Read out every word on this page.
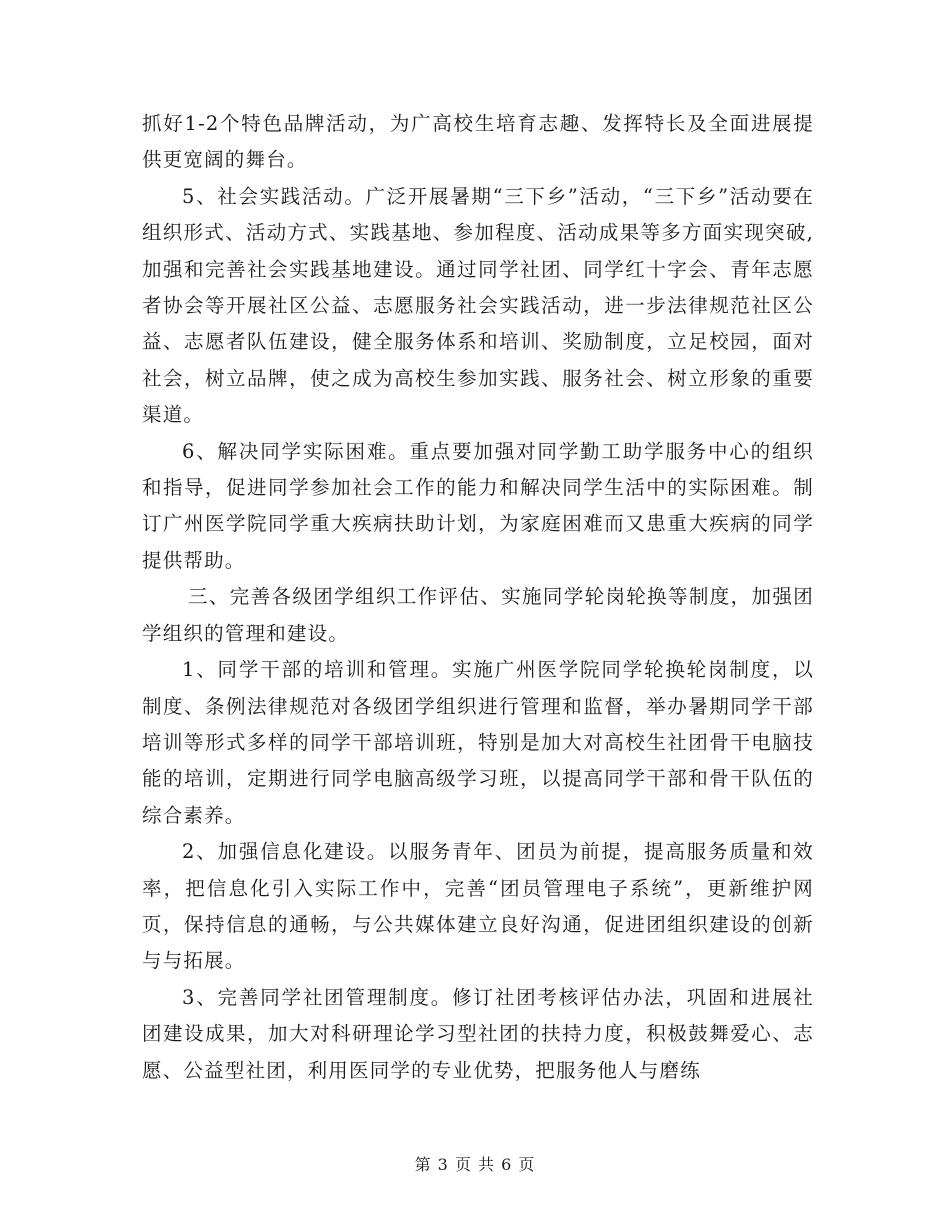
抓好1-2个特色品牌活动，为广高校生培育志趣、发挥特长及全面进展提供更宽阔的舞台。

5、社会实践活动。广泛开展暑期“三下乡”活动，“三下乡”活动要在组织形式、活动方式、实践基地、参加程度、活动成果等多方面实现突破,加强和完善社会实践基地建设。通过同学社团、同学红十字会、青年志愿者协会等开展社区公益、志愿服务社会实践活动，进一步法律规范社区公益、志愿者队伍建设，健全服务体系和培训、奖励制度，立足校园，面对社会，树立品牌，使之成为高校生参加实践、服务社会、树立形象的重要渠道。

6、解决同学实际困难。重点要加强对同学勤工助学服务中心的组织和指导，促进同学参加社会工作的能力和解决同学生活中的实际困难。制订广州医学院同学重大疾病扶助计划，为家庭困难而又患重大疾病的同学提供帮助。

三、完善各级团学组织工作评估、实施同学轮岗轮换等制度，加强团学组织的管理和建设。

1、同学干部的培训和管理。实施广州医学院同学轮换轮岗制度，以制度、条例法律规范对各级团学组织进行管理和监督，举办暑期同学干部培训等形式多样的同学干部培训班，特别是加大对高校生社团骨干电脑技能的培训，定期进行同学电脑高级学习班，以提高同学干部和骨干队伍的综合素养。

2、加强信息化建设。以服务青年、团员为前提，提高服务质量和效率，把信息化引入实际工作中，完善“团员管理电子系统”，更新维护网页，保持信息的通畅，与公共媒体建立良好沟通，促进团组织建设的创新与与拓展。

3、完善同学社团管理制度。修订社团考核评估办法，巩固和进展社团建设成果，加大对科研理论学习型社团的扶持力度，积极鼓舞爱心、志愿、公益型社团，利用医同学的专业优势，把服务他人与磨练

第 3 页 共 6 页
